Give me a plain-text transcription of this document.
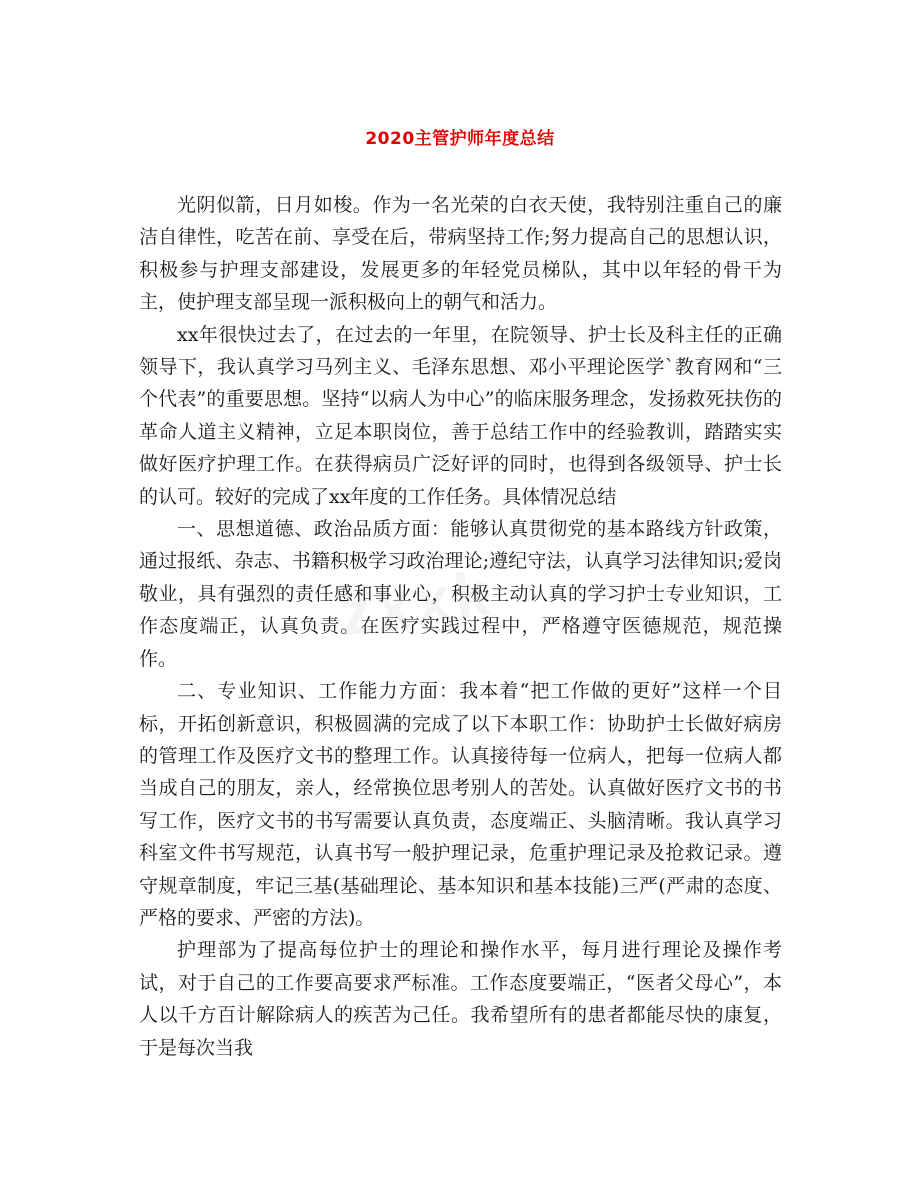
2020主管护师年度总结

光阴似箭，日月如梭。作为一名光荣的白衣天使，我特别注重自己的廉洁自律性，吃苦在前、享受在后，带病坚持工作;努力提高自己的思想认识，积极参与护理支部建设，发展更多的年轻党员梯队，其中以年轻的骨干为主，使护理支部呈现一派积极向上的朝气和活力。

xx年很快过去了，在过去的一年里，在院领导、护士长及科主任的正确领导下，我认真学习马列主义、毛泽东思想、邓小平理论医学`教育网和“三个代表”的重要思想。坚持“以病人为中心”的临床服务理念，发扬救死扶伤的革命人道主义精神，立足本职岗位，善于总结工作中的经验教训，踏踏实实做好医疗护理工作。在获得病员广泛好评的同时，也得到各级领导、护士长的认可。较好的完成了xx年度的工作任务。具体情况总结

一、思想道德、政治品质方面：能够认真贯彻党的基本路线方针政策，通过报纸、杂志、书籍积极学习政治理论;遵纪守法，认真学习法律知识;爱岗敬业，具有强烈的责任感和事业心，积极主动认真的学习护士专业知识，工作态度端正，认真负责。在医疗实践过程中，严格遵守医德规范，规范操作。

二、专业知识、工作能力方面：我本着“把工作做的更好”这样一个目标，开拓创新意识，积极圆满的完成了以下本职工作：协助护士长做好病房的管理工作及医疗文书的整理工作。认真接待每一位病人，把每一位病人都当成自己的朋友，亲人，经常换位思考别人的苦处。认真做好医疗文书的书写工作，医疗文书的书写需要认真负责，态度端正、头脑清晰。我认真学习科室文件书写规范，认真书写一般护理记录，危重护理记录及抢救记录。遵守规章制度，牢记三基(基础理论、基本知识和基本技能)三严(严肃的态度、严格的要求、严密的方法)。

护理部为了提高每位护士的理论和操作水平，每月进行理论及操作考试，对于自己的工作要高要求严标准。工作态度要端正，“医者父母心”，本人以千方百计解除病人的疾苦为己任。我希望所有的患者都能尽快的康复，于是每次当我
